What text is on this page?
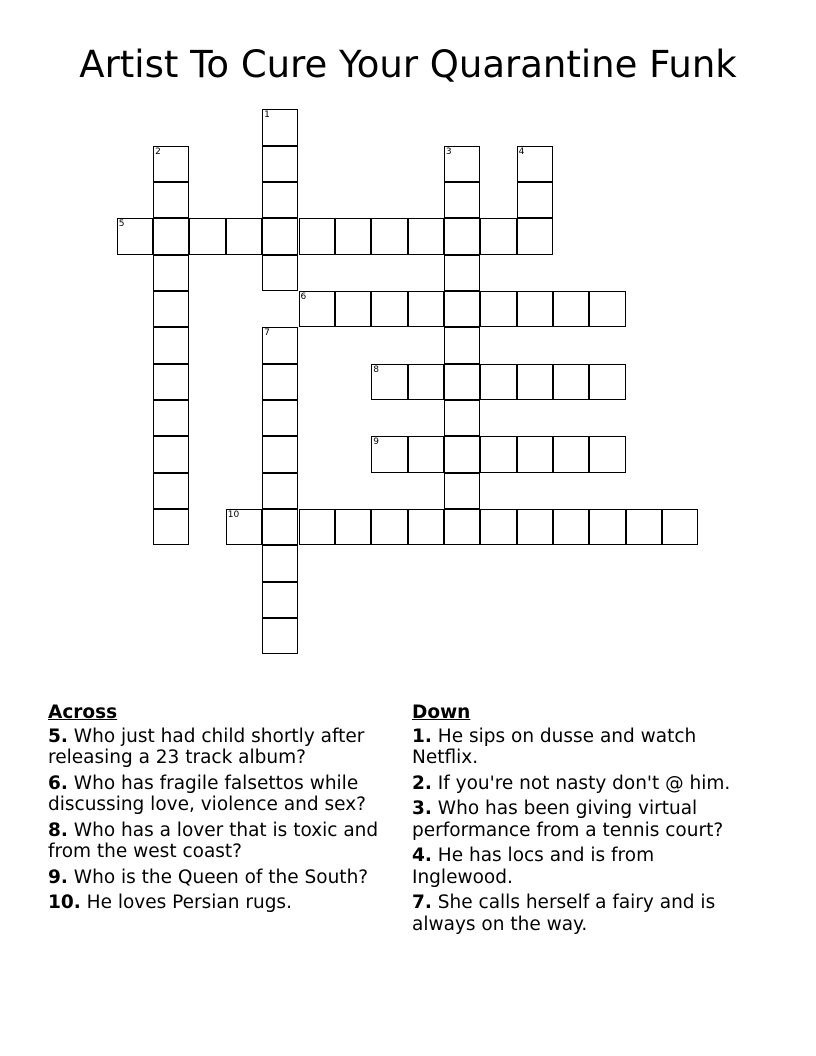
Artist To Cure Your Quarantine Funk
1
2	3	4
5
6
7
8
9
10
Across
5. Who just had child shortly after releasing a 23 track album?
6. Who has fragile falsettos while discussing love, violence and sex?
8. Who has a lover that is toxic and from the west coast?
9. Who is the Queen of the South?
10. He loves Persian rugs.
Down
1. He sips on dusse and watch Netflix.
2. If you're not nasty don't @ him.
3. Who has been giving virtual performance from a tennis court?
4. He has locs and is from Inglewood.
7. She calls herself a fairy and is always on the way.
